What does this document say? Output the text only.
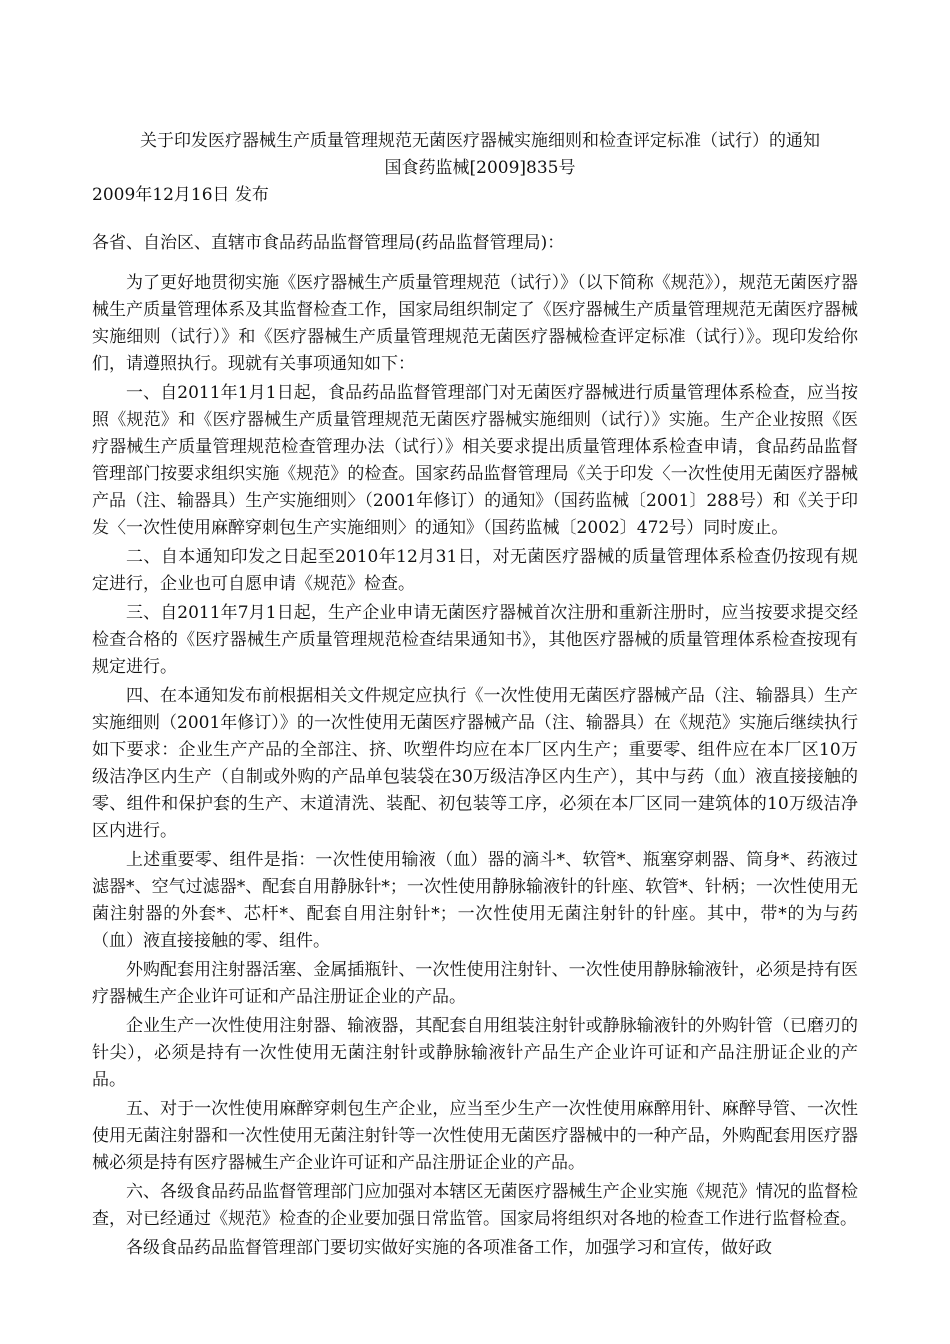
关于印发医疗器械生产质量管理规范无菌医疗器械实施细则和检查评定标准（试行）的通知
国食药监械[2009]835号
2009年12月16日 发布
各省、自治区、直辖市食品药品监督管理局(药品监督管理局)：

为了更好地贯彻实施《医疗器械生产质量管理规范（试行）》（以下简称《规范》），规范无菌医疗器械生产质量管理体系及其监督检查工作，国家局组织制定了《医疗器械生产质量管理规范无菌医疗器械实施细则（试行）》和《医疗器械生产质量管理规范无菌医疗器械检查评定标准（试行）》。现印发给你们，请遵照执行。现就有关事项通知如下：

一、自2011年1月1日起，食品药品监督管理部门对无菌医疗器械进行质量管理体系检查，应当按照《规范》和《医疗器械生产质量管理规范无菌医疗器械实施细则（试行）》实施。生产企业按照《医疗器械生产质量管理规范检查管理办法（试行）》相关要求提出质量管理体系检查申请，食品药品监督管理部门按要求组织实施《规范》的检查。国家药品监督管理局《关于印发〈一次性使用无菌医疗器械产品（注、输器具）生产实施细则〉（2001年修订）的通知》（国药监械〔2001〕288号）和《关于印发〈一次性使用麻醉穿刺包生产实施细则〉的通知》（国药监械〔2002〕472号）同时废止。

二、自本通知印发之日起至2010年12月31日，对无菌医疗器械的质量管理体系检查仍按现有规定进行，企业也可自愿申请《规范》检查。

三、自2011年7月1日起，生产企业申请无菌医疗器械首次注册和重新注册时，应当按要求提交经检查合格的《医疗器械生产质量管理规范检查结果通知书》，其他医疗器械的质量管理体系检查按现有规定进行。

四、在本通知发布前根据相关文件规定应执行《一次性使用无菌医疗器械产品（注、输器具）生产实施细则（2001年修订）》的一次性使用无菌医疗器械产品（注、输器具）在《规范》实施后继续执行如下要求：企业生产产品的全部注、挤、吹塑件均应在本厂区内生产；重要零、组件应在本厂区10万级洁净区内生产（自制或外购的产品单包装袋在30万级洁净区内生产），其中与药（血）液直接接触的零、组件和保护套的生产、末道清洗、装配、初包装等工序，必须在本厂区同一建筑体的10万级洁净区内进行。

上述重要零、组件是指：一次性使用输液（血）器的滴斗*、软管*、瓶塞穿刺器、筒身*、药液过滤器*、空气过滤器*、配套自用静脉针*；一次性使用静脉输液针的针座、软管*、针柄；一次性使用无菌注射器的外套*、芯杆*、配套自用注射针*；一次性使用无菌注射针的针座。其中，带*的为与药（血）液直接接触的零、组件。

外购配套用注射器活塞、金属插瓶针、一次性使用注射针、一次性使用静脉输液针，必须是持有医疗器械生产企业许可证和产品注册证企业的产品。

企业生产一次性使用注射器、输液器，其配套自用组装注射针或静脉输液针的外购针管（已磨刃的针尖），必须是持有一次性使用无菌注射针或静脉输液针产品生产企业许可证和产品注册证企业的产品。

五、对于一次性使用麻醉穿刺包生产企业，应当至少生产一次性使用麻醉用针、麻醉导管、一次性使用无菌注射器和一次性使用无菌注射针等一次性使用无菌医疗器械中的一种产品，外购配套用医疗器械必须是持有医疗器械生产企业许可证和产品注册证企业的产品。

六、各级食品药品监督管理部门应加强对本辖区无菌医疗器械生产企业实施《规范》情况的监督检查，对已经通过《规范》检查的企业要加强日常监管。国家局将组织对各地的检查工作进行监督检查。

各级食品药品监督管理部门要切实做好实施的各项准备工作，加强学习和宣传，做好政
